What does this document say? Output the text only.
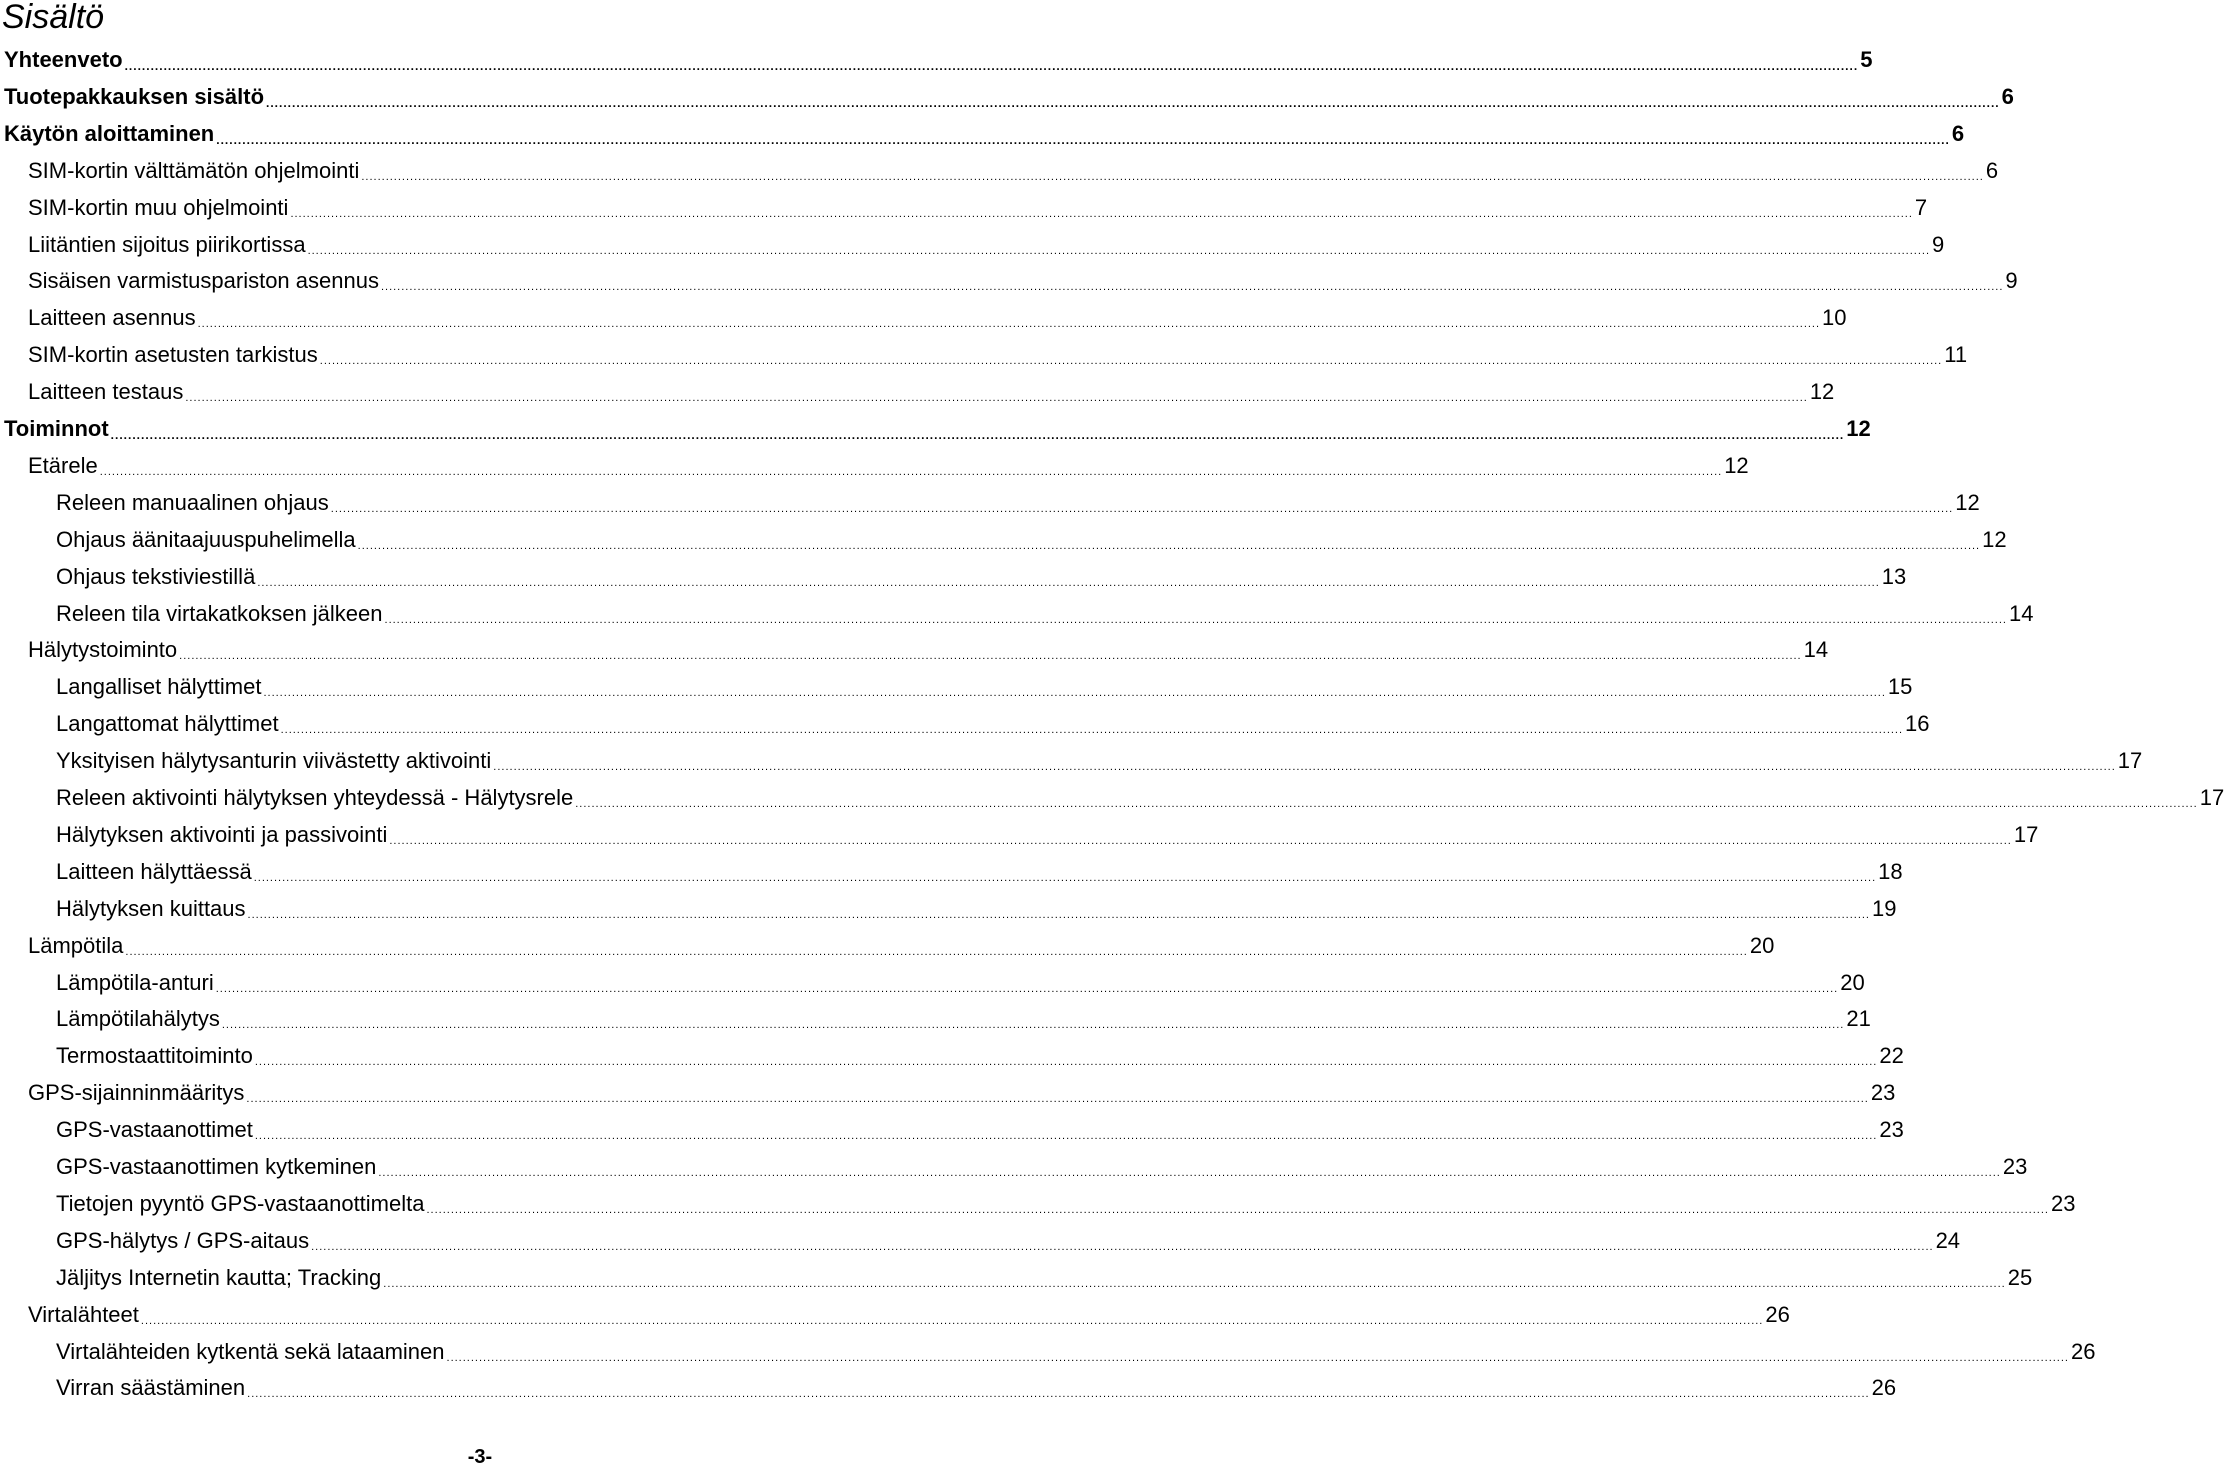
Sisältö
Yhteenveto ................................................................................................................................................................................................................................................................................................................................................................................................................ 5
Tuotepakkauksen sisältö ................................................................................................................................................................................................................................................................................................................................................................................................................ 6
Käytön aloittaminen ................................................................................................................................................................................................................................................................................................................................................................................................................ 6
SIM-kortin välttämätön ohjelmointi ................................................................................................................................................................................................................................................................................................................................................................................................................ 6
SIM-kortin muu ohjelmointi ................................................................................................................................................................................................................................................................................................................................................................................................................ 7
Liitäntien sijoitus piirikortissa ................................................................................................................................................................................................................................................................................................................................................................................................................ 9
Sisäisen varmistuspariston asennus ................................................................................................................................................................................................................................................................................................................................................................................................................ 9
Laitteen asennus ................................................................................................................................................................................................................................................................................................................................................................................................................ 10
SIM-kortin asetusten tarkistus ................................................................................................................................................................................................................................................................................................................................................................................................................ 11
Laitteen testaus ................................................................................................................................................................................................................................................................................................................................................................................................................ 12
Toiminnot ................................................................................................................................................................................................................................................................................................................................................................................................................ 12
Etärele ................................................................................................................................................................................................................................................................................................................................................................................................................ 12
Releen manuaalinen ohjaus ................................................................................................................................................................................................................................................................................................................................................................................................................ 12
Ohjaus äänitaajuuspuhelimella ................................................................................................................................................................................................................................................................................................................................................................................................................ 12
Ohjaus tekstiviestillä ................................................................................................................................................................................................................................................................................................................................................................................................................ 13
Releen tila virtakatkoksen jälkeen ................................................................................................................................................................................................................................................................................................................................................................................................................ 14
Hälytystoiminto ................................................................................................................................................................................................................................................................................................................................................................................................................ 14
Langalliset hälyttimet ................................................................................................................................................................................................................................................................................................................................................................................................................ 15
Langattomat hälyttimet ................................................................................................................................................................................................................................................................................................................................................................................................................ 16
Yksityisen hälytysanturin viivästetty aktivointi ................................................................................................................................................................................................................................................................................................................................................................................................................ 17
Releen aktivointi hälytyksen yhteydessä - Hälytysrele ................................................................................................................................................................................................................................................................................................................................................................................................................ 17
Hälytyksen aktivointi ja passivointi ................................................................................................................................................................................................................................................................................................................................................................................................................ 17
Laitteen hälyttäessä ................................................................................................................................................................................................................................................................................................................................................................................................................ 18
Hälytyksen kuittaus ................................................................................................................................................................................................................................................................................................................................................................................................................ 19
Lämpötila ................................................................................................................................................................................................................................................................................................................................................................................................................ 20
Lämpötila-anturi ................................................................................................................................................................................................................................................................................................................................................................................................................ 20
Lämpötilahälytys ................................................................................................................................................................................................................................................................................................................................................................................................................ 21
Termostaattitoiminto ................................................................................................................................................................................................................................................................................................................................................................................................................ 22
GPS-sijainninmääritys ................................................................................................................................................................................................................................................................................................................................................................................................................ 23
GPS-vastaanottimet ................................................................................................................................................................................................................................................................................................................................................................................................................ 23
GPS-vastaanottimen kytkeminen ................................................................................................................................................................................................................................................................................................................................................................................................................ 23
Tietojen pyyntö GPS-vastaanottimelta ................................................................................................................................................................................................................................................................................................................................................................................................................ 23
GPS-hälytys / GPS-aitaus ................................................................................................................................................................................................................................................................................................................................................................................................................ 24
Jäljitys Internetin kautta; Tracking ................................................................................................................................................................................................................................................................................................................................................................................................................ 25
Virtalähteet ................................................................................................................................................................................................................................................................................................................................................................................................................ 26
Virtalähteiden kytkentä sekä lataaminen ................................................................................................................................................................................................................................................................................................................................................................................................................ 26
Virran säästäminen ................................................................................................................................................................................................................................................................................................................................................................................................................ 26
-3-
